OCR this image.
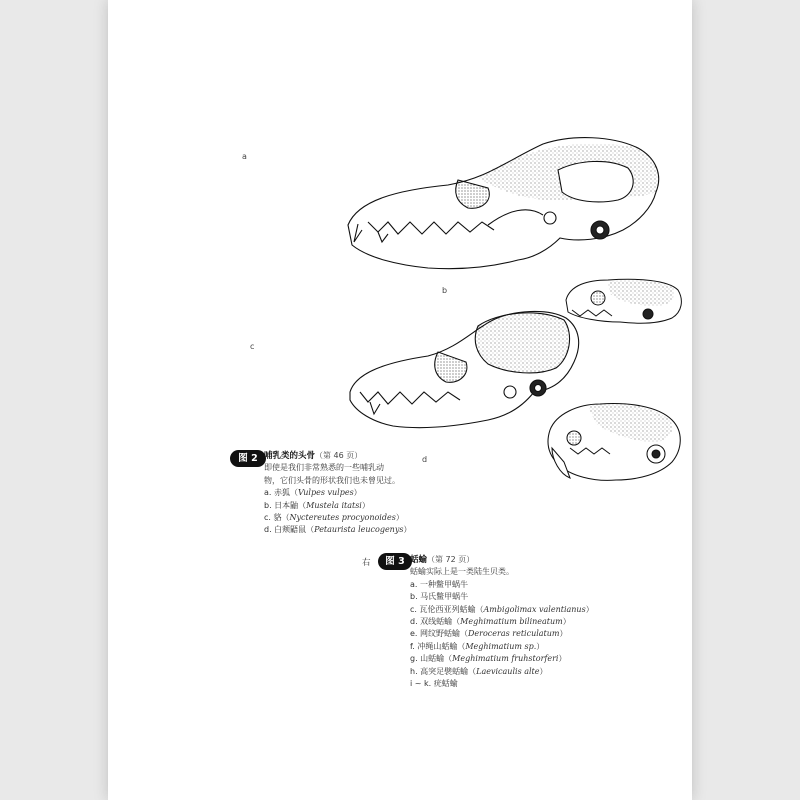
a
b
c
d
图 2 哺乳类的头骨（第 46 页）
即使是我们非常熟悉的一些哺乳动
物，它们头骨的形状我们也未曾见过。
a. 赤狐（Vulpes vulpes）
b. 日本鼬（Mustela itatsi）
c. 貉（Nyctereutes procyonoides）
d. 白颊鼯鼠（Petaurista leucogenys）
右	图 3 蛞蝓（第 72 页）
蛞蝓实际上是一类陆生贝类。
a. 一种鳖甲蜗牛
b. 马氏鳖甲蜗牛
c. 瓦伦西亚列蛞蝓（Ambigolimax valentianus）
d. 双线蛞蝓（Meghimatium bilineatum）
e. 网纹野蛞蝓（Deroceras reticulatum）
f. 冲绳山蛞蝓（Meghimatium sp.）
g. 山蛞蝓（Meghimatium fruhstorferi）
h. 高突足襞蛞蝓（Laevicaulis alte）
i ~ k. 疣蛞蝓
